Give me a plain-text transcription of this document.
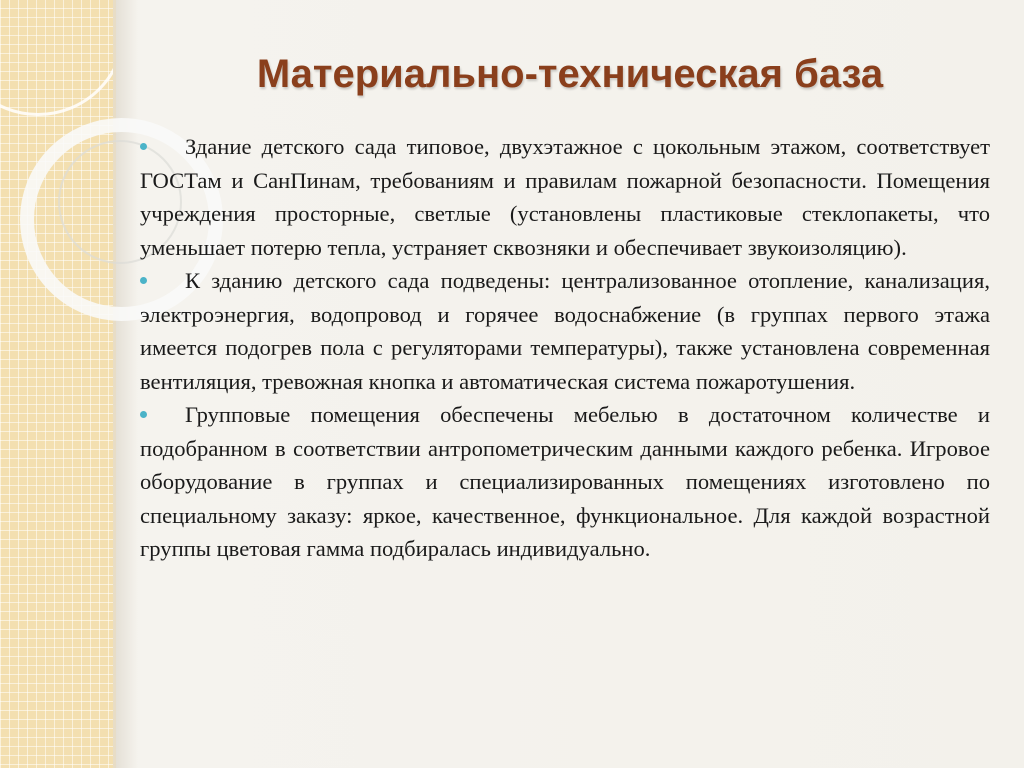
Материально-техническая база

Здание детского сада типовое, двухэтажное с цокольным этажом, соответствует ГОСТам и СанПинам, требованиям и правилам пожарной безопасности. Помещения учреждения просторные, светлые (установлены пластиковые стеклопакеты, что уменьшает потерю тепла, устраняет сквозняки и обеспечивает звукоизоляцию).

К зданию детского сада подведены: централизованное отопление, канализация, электроэнергия, водопровод и горячее водоснабжение (в группах первого этажа имеется подогрев пола с регуляторами температуры), также установлена современная вентиляция, тревожная кнопка и автоматическая система пожаротушения.

Групповые помещения обеспечены мебелью в достаточном количестве и подобранном в соответствии антропометрическим данными каждого ребенка. Игровое оборудование в группах и специализированных помещениях изготовлено по специальному заказу: яркое, качественное, функциональное. Для каждой возрастной группы цветовая гамма подбиралась индивидуально.
